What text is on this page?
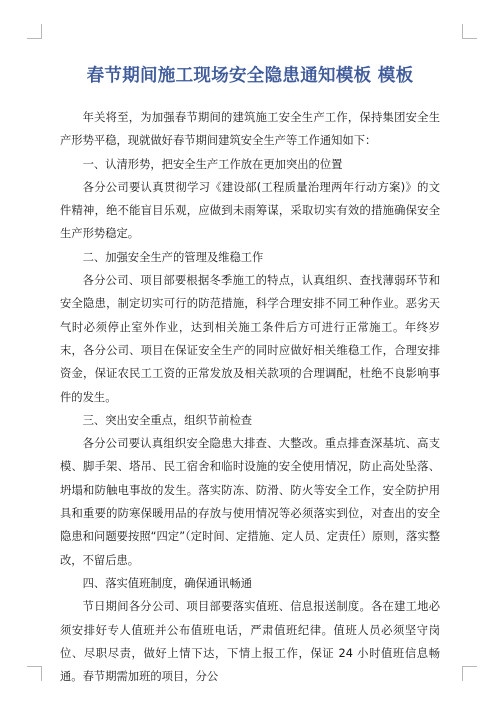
春节期间施工现场安全隐患通知模板 模板

年关将至，为加强春节期间的建筑施工安全生产工作，保持集团安全生产形势平稳，现就做好春节期间建筑安全生产等工作通知如下：

一、认清形势，把安全生产工作放在更加突出的位置

各分公司要认真贯彻学习《建设部(工程质量治理两年行动方案)》的文件精神，绝不能盲目乐观，应做到未雨筹谋，采取切实有效的措施确保安全生产形势稳定。

二、加强安全生产的管理及维稳工作

各分公司、项目部要根据冬季施工的特点，认真组织、查找薄弱环节和安全隐患，制定切实可行的防范措施，科学合理安排不同工种作业。恶劣天气时必须停止室外作业，达到相关施工条件后方可进行正常施工。年终岁末，各分公司、项目在保证安全生产的同时应做好相关维稳工作，合理安排资金，保证农民工工资的正常发放及相关款项的合理调配，杜绝不良影响事件的发生。

三、突出安全重点，组织节前检查

各分公司要认真组织安全隐患大排查、大整改。重点排查深基坑、高支模、脚手架、塔吊、民工宿舍和临时设施的安全使用情况，防止高处坠落、坍塌和防触电事故的发生。落实防冻、防滑、防火等安全工作，安全防护用具和重要的防寒保暖用品的存放与使用情况等必须落实到位，对查出的安全隐患和问题要按照“四定”（定时间、定措施、定人员、定责任）原则，落实整改，不留后患。

四、落实值班制度，确保通讯畅通

节日期间各分公司、项目部要落实值班、信息报送制度。各在建工地必须安排好专人值班并公布值班电话，严肃值班纪律。值班人员必须坚守岗位、尽职尽责，做好上情下达，下情上报工作，保证 24 小时值班信息畅通。春节期需加班的项目，分公
